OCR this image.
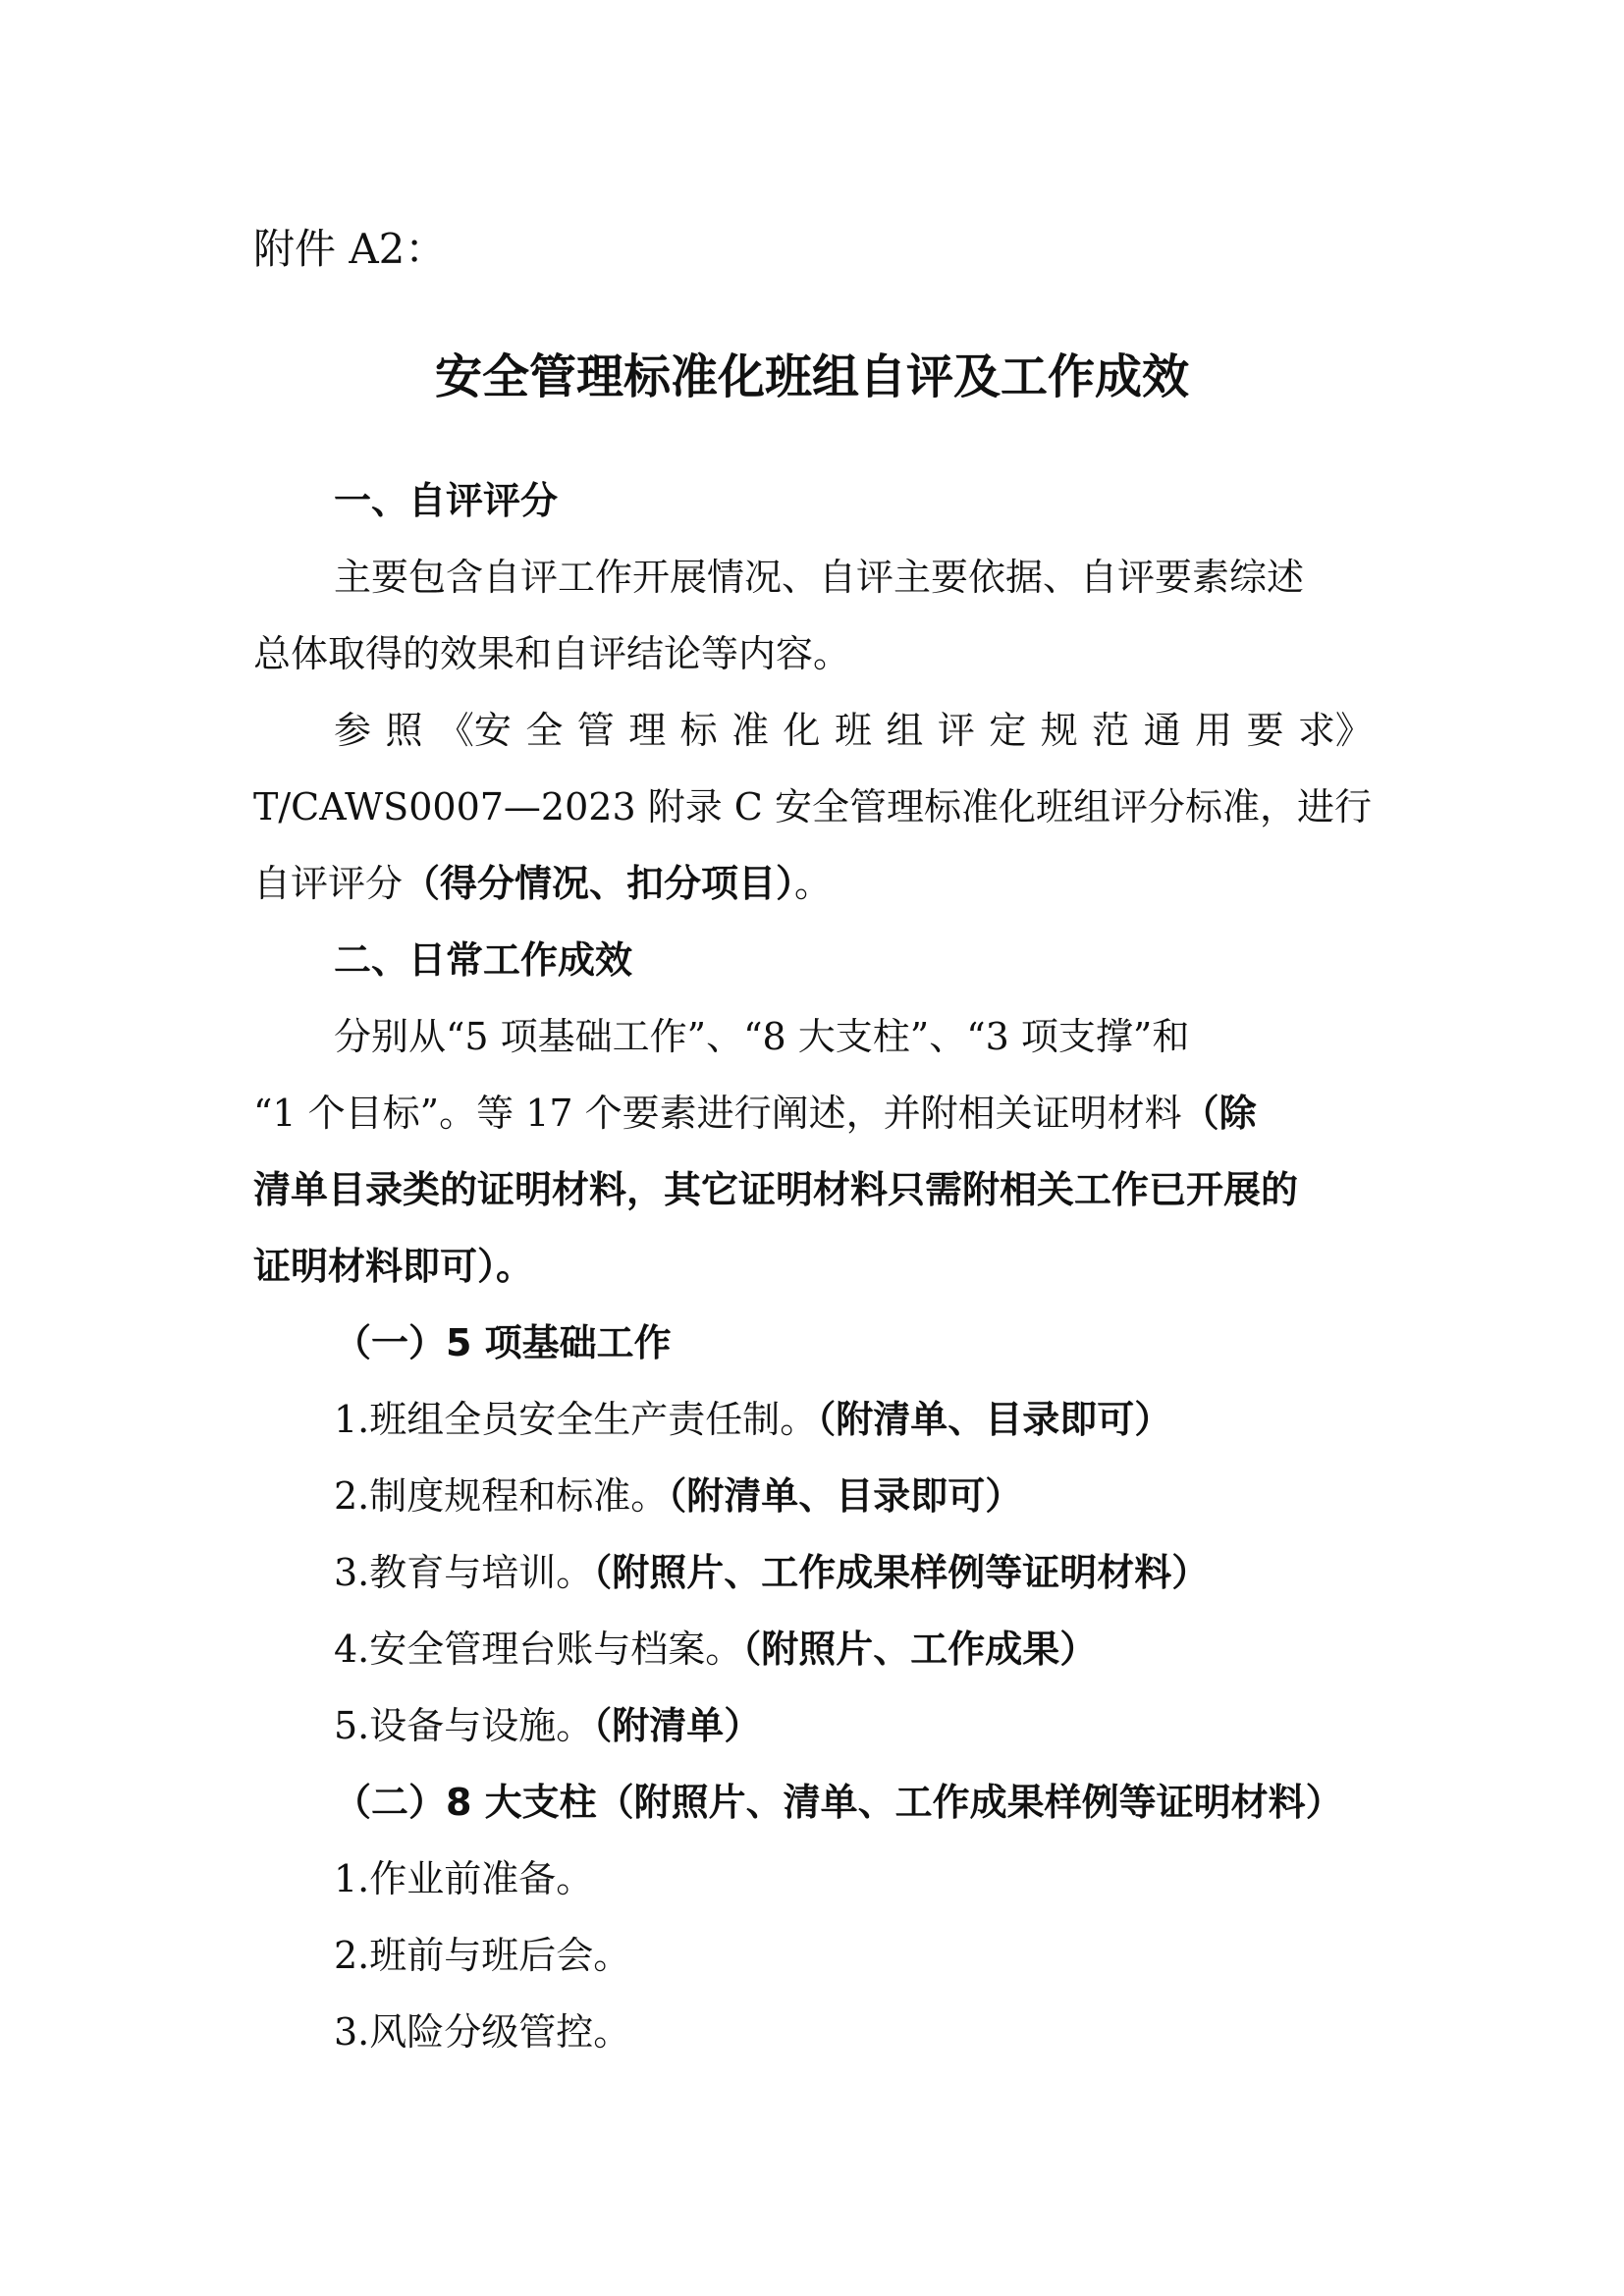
附件 A2：
安全管理标准化班组自评及工作成效
一、自评评分
主要包含自评工作开展情况、自评主要依据、自评要素综述
总体取得的效果和自评结论等内容。
参 照 《安 全 管 理 标 准 化 班 组 评 定 规 范 通 用 要 求》
T/CAWS0007—2023 附录 C 安全管理标准化班组评分标准，进行
自评评分（得分情况、扣分项目）。
二、日常工作成效
分别从“5 项基础工作”、“8 大支柱”、“3 项支撑”和
“1 个目标”。等 17 个要素进行阐述，并附相关证明材料（除
清单目录类的证明材料，其它证明材料只需附相关工作已开展的
证明材料即可）。
（一）5 项基础工作
1.班组全员安全生产责任制。（附清单、目录即可）
2.制度规程和标准。（附清单、目录即可）
3.教育与培训。（附照片、工作成果样例等证明材料）
4.安全管理台账与档案。（附照片、工作成果）
5.设备与设施。（附清单）
（二）8 大支柱（附照片、清单、工作成果样例等证明材料）
1.作业前准备。
2.班前与班后会。
3.风险分级管控。
